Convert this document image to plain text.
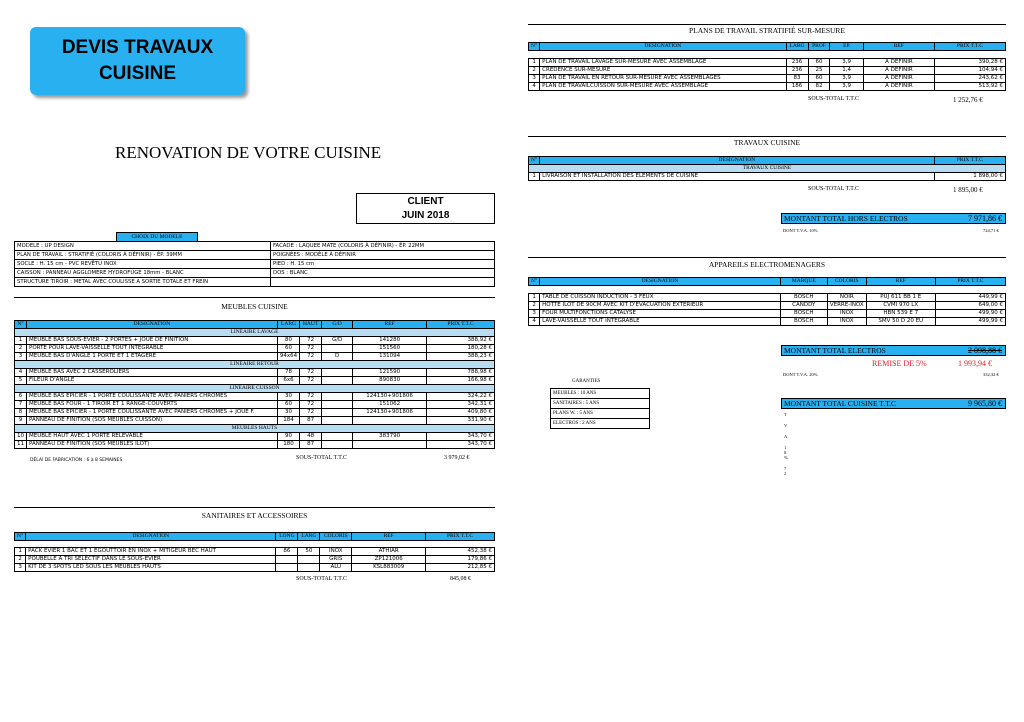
DEVIS TRAVAUX
CUISINE
RENOVATION DE VOTRE CUISINE
CLIENT
JUIN 2018
CHOIX DU MODELE
MODELE : UP DESIGN	FACADE : LAQUEE MATE (COLORIS À DÉFINIR) - ÉP. 22MM
PLAN DE TRAVAIL : STRATIFIÉ (COLORIS À DÉFINIR) - ÉP. 39MM	POIGNÉES : MODÈLE À DÉFINIR
SOCLE : H. 15 cm - PVC REVÊTU INOX	PIED : H. 15 cm
CAISSON : PANNEAU AGGLOMERE HYDROFUGE 18mm - BLANC	DOS : BLANC
STRUCTURE TIROIR : METAL AVEC COULISSE A SORTIE TOTALE ET FREIN	
MEUBLES CUISINE
N°	DESIGNATION	LARG	HAUT	G/D	REF	PRIX T.T.C
LINÉAIRE LAVAGE						
1	MEUBLE BAS SOUS-EVIER - 2 PORTES + JOUE DE FINITION	80	72	G/D	141280	388,92 €
2	PORTE POUR LAVE-VAISSELLE TOUT INTÉGRABLE	60	72		151560	180,28 €
3	MEUBLE BAS D'ANGLE 1 PORTE ET 1 ÉTAGÈRE	94x64	72	D	131094	388,23 €
LINÉAIRE RETOUR						
4	MEUBLE BAS AVEC 2 CASSEROLIERS	78	72		121590	788,98 €
5	FILEUR D'ANGLE	6x6	72		890830	166,98 €
LINÉAIRE CUISSON						
6	MEUBLE BAS ÉPICIER - 1 PORTE COULISSANTE AVEC PANIERS CHROMÉS	30	72		124130+901806	324,22 €
7	MEUBLE BAS FOUR - 1 TIROIR ET 1 RANGE-COUVERTS	60	72		151062	342,31 €
8	MEUBLE BAS ÉPICIER - 1 PORTE COULISSANTE AVEC PANIERS CHROMÉS + JOUE F.	30	72		124130+901806	409,80 €
9	PANNEAU DE FINITION (SOS MEUBLES CUISSON)	184	87			331,90 €
MEUBLES HAUTS						
10	MEUBLE HAUT AVEC 1 PORTE RELEVABLE	90	48		383790	343,70 €
11	PANNEAU DE FINITION (SOS MEUBLES ILOT)	180	87			343,70 €
DÉLAI DE FABRICATION : 6 à 8 SEMAINES	SOUS-TOTAL T.T.C	3 979,02 €
SANITAIRES ET ACCESSOIRES
N°	DESIGNATION	LONG	LARG	COLORIS	REF	PRIX T.T.C

1	PACK EVIER 1 BAC ET 1 EGOUTTOIR EN INOX + MITIGEUR BEC HAUT	86	50	INOX	ATHIAR	452,38 €
2	POUBELLE A TRI SELECTIF DANS LE SOUS-ÉVIER			GRIS	ZP121006	179,86 €
3	KIT DE 3 SPOTS LED SOUS LES MEUBLES HAUTS			ALU	KSL883009	212,85 €
SOUS-TOTAL T.T.C	845,08 €
PLANS DE TRAVAIL STRATIFIÉ SUR-MESURE
N°	DESIGNATION	LARG	PROF	EP.	REF	PRIX T.T.C

1	PLAN DE TRAVAIL LAVAGE SUR-MESURE AVEC ASSEMBLAGE	236	60	3,9	A DEFINIR	390,28 €
2	CREDENCE SUR-MESURE	236	25	1,4	A DEFINIR	104,94 €
3	PLAN DE TRAVAIL EN RETOUR SUR-MESURE AVEC ASSEMBLAGES	83	60	3,9	A DEFINIR	243,62 €
4	PLAN DE TRAVAILCUISSON SUR-MESURE AVEC ASSEMBLAGE	186	82	3,9	A DEFINIR	513,92 €
SOUS-TOTAL T.T.C	1 252,76 €
TRAVAUX CUISINE
N°	DESIGNATION	PRIX T.T.C
TRAVAUX CUISINE		
1	LIVRAISON ET INSTALLATION DES ELEMENTS DE CUISINE	1 898,00 €
SOUS-TOTAL T.T.C	1 895,00 €
MONTANT TOTAL HORS ELECTROS	7 971,86 €
DONT T.V.A. 10%	724,71 €
APPAREILS ELECTROMENAGERS
N°	DESIGNATION	MARQUE	COLORIS	REF	PRIX T.T.C

1	TABLE DE CUISSON INDUCTION - 3 FEUX	BOSCH	NOIR	PUJ 611 BB 1 E	449,99 €
2	HOTTE ILOT DE 90CM AVEC KIT D'EVACUATION EXTÉRIEUR	CANDDY	VERRE-INOX	CVMI 970 LX	649,00 €
3	FOUR MULTIFONCTIONS CATALYSE	BOSCH	INOX	HBN 539 E 7	499,90 €
4	LAVE-VAISSELLE TOUT INTÉGRABLE	BOSCH	INOX	SMV 50 D 20 EU	499,99 €
MONTANT TOTAL ELECTROS	2 098,88 €
REMISE DE 5%	1 993,94 €
DONT T.V.A. 20%	332,32 €
GARANTIES
MEUBLES : 10 ANS
SANITAIRES : 5 ANS
PLANS W. : 5 ANS
ELECTROS : 2 ANS
MONTANT TOTAL CUISINE T.T.C	9 965,80 €
T
V
A
1
0
%
7
2
